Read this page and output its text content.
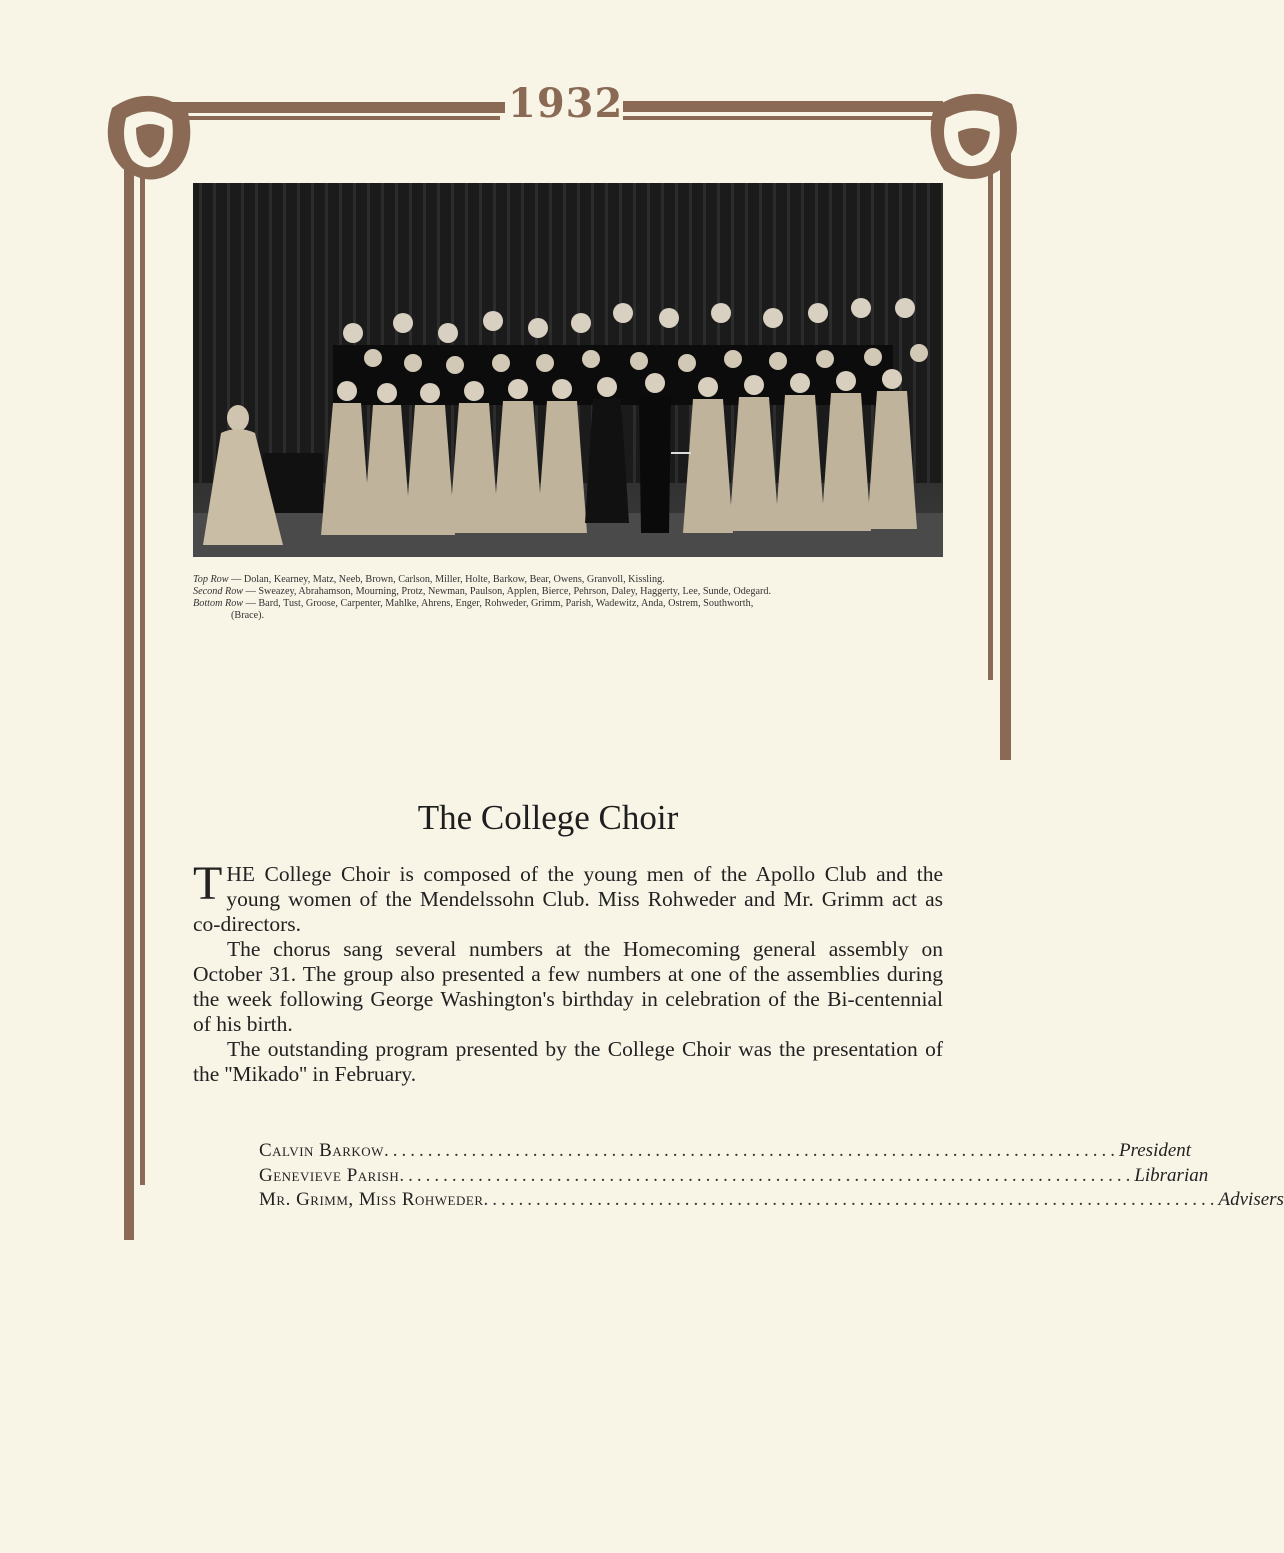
1932

Top Row — Dolan, Kearney, Matz, Neeb, Brown, Carlson, Miller, Holte, Barkow, Bear, Owens, Granvoll, Kissling.

Second Row — Sweazey, Abrahamson, Mourning, Protz, Newman, Paulson, Applen, Bierce, Pehrson, Daley, Haggerty, Lee, Sunde, Odegard.

Bottom Row — Bard, Tust, Groose, Carpenter, Mahlke, Ahrens, Enger, Rohweder, Grimm, Parish, Wadewitz, Anda, Ostrem, Southworth,

(Brace).

The College Choir

THE College Choir is composed of the young men of the Apollo Club and the young women of the Mendelssohn Club. Miss Rohweder and Mr. Grimm act as co-directors.

The chorus sang several numbers at the Homecoming general assembly on October 31. The group also presented a few numbers at one of the assemblies during the week following George Washington's birthday in celebration of the Bi-centennial of his birth.

The outstanding program presented by the College Choir was the presentation of the ''Mikado'' in February.

Calvin Barkow .................................................................................... President
Genevieve Parish .................................................................................... Librarian
Mr. Grimm, Miss Rohweder .................................................................................... Advisers
